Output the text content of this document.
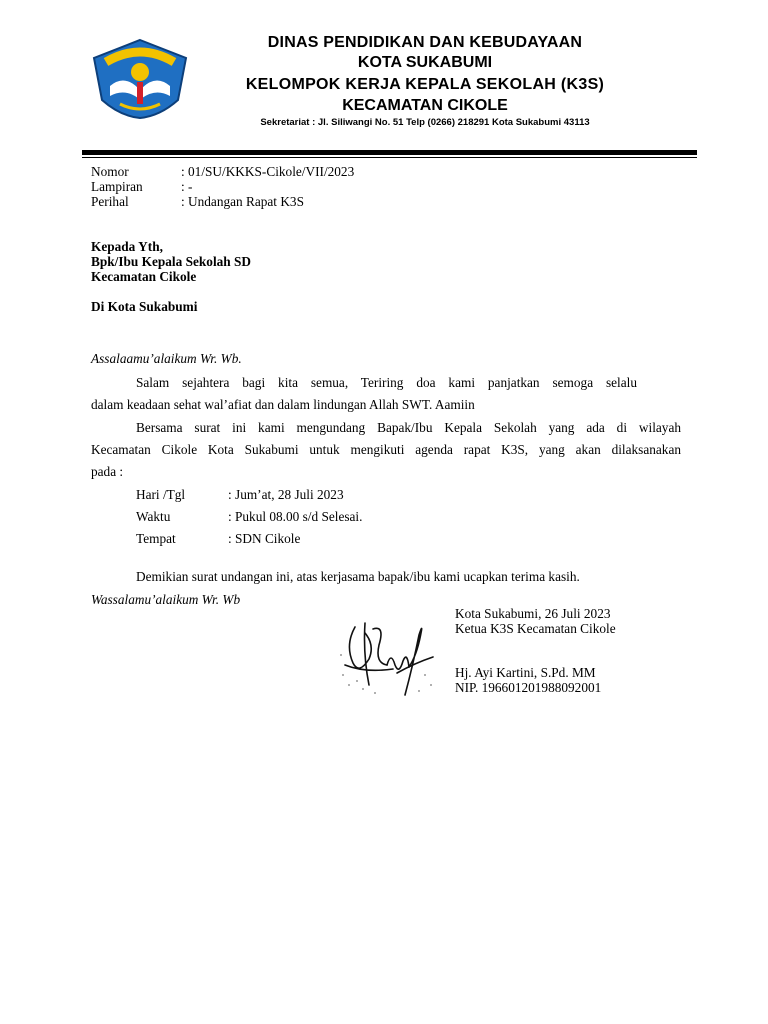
DINAS PENDIDIKAN DAN KEBUDAYAAN
KOTA SUKABUMI
KELOMPOK KERJA KEPALA SEKOLAH (K3S)
KECAMATAN CIKOLE
Sekretariat : Jl. Siliwangi No. 51 Telp (0266) 218291 Kota Sukabumi 43113
Nomor	: 01/SU/KKKS-Cikole/VII/2023
Lampiran	: -
Perihal	: Undangan Rapat K3S
Kepada Yth,
Bpk/Ibu Kepala Sekolah SD
Kecamatan Cikole
Di Kota Sukabumi
Assalaamu’alaikum Wr. Wb.
Salam sejahtera bagi kita semua, Teriring doa kami panjatkan semoga selalu
dalam keadaan sehat wal’afiat dan dalam lindungan Allah SWT. Aamiin
Bersama surat ini kami mengundang Bapak/Ibu Kepala Sekolah yang ada di wilayah
Kecamatan Cikole Kota Sukabumi untuk mengikuti agenda rapat K3S, yang akan dilaksanakan
pada :
Hari /Tgl	: Jum’at, 28 Juli 2023
Waktu	: Pukul 08.00 s/d Selesai.
Tempat	: SDN Cikole
Demikian surat undangan ini, atas kerjasama bapak/ibu kami ucapkan terima kasih.
Wassalamu’alaikum Wr. Wb
Kota Sukabumi, 26 Juli 2023
Ketua K3S Kecamatan Cikole
Hj. Ayi Kartini, S.Pd. MM
NIP. 196601201988092001
